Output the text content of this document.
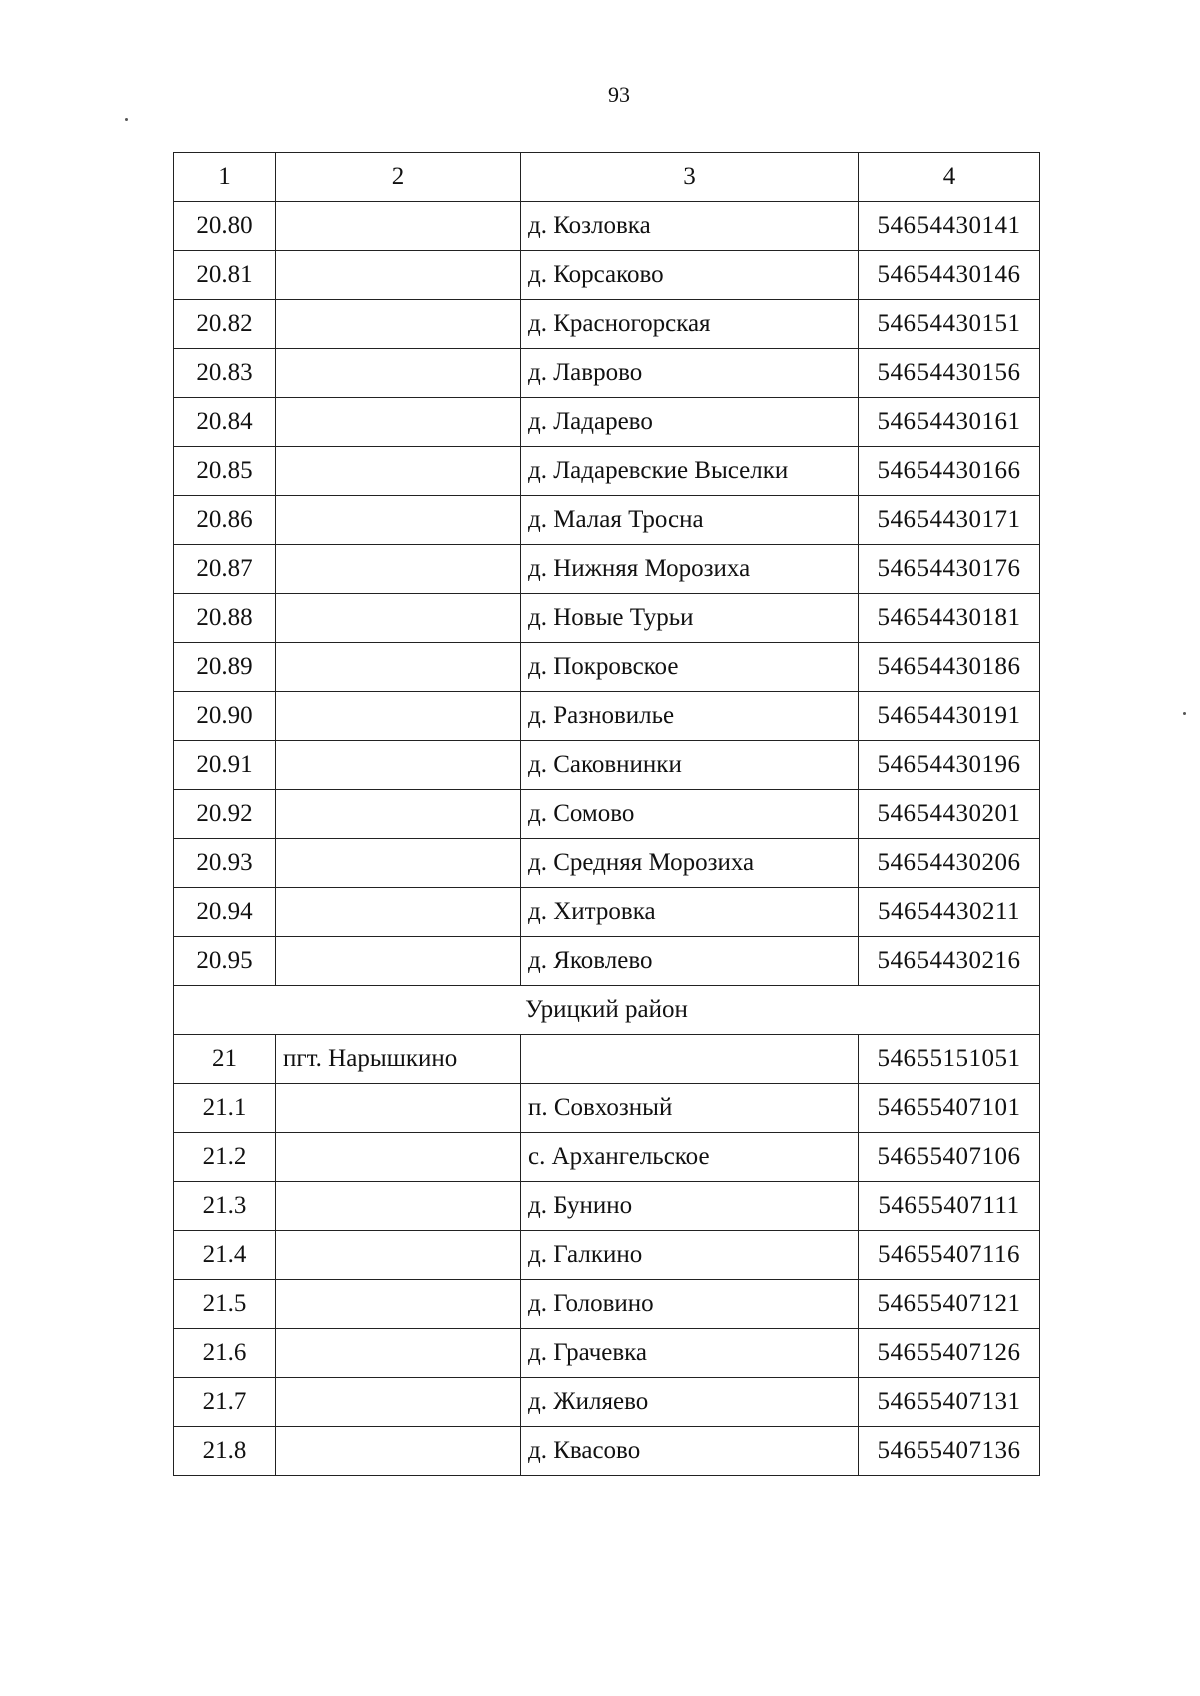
93
1	2	3	4
20.80		д. Козловка	54654430141
20.81		д. Корсаково	54654430146
20.82		д. Красногорская	54654430151
20.83		д. Лаврово	54654430156
20.84		д. Ладарево	54654430161
20.85		д. Ладаревские Выселки	54654430166
20.86		д. Малая Тросна	54654430171
20.87		д. Нижняя Морозиха	54654430176
20.88		д. Новые Турьи	54654430181
20.89		д. Покровское	54654430186
20.90		д. Разновилье	54654430191
20.91		д. Саковнинки	54654430196
20.92		д. Сомово	54654430201
20.93		д. Средняя Морозиха	54654430206
20.94		д. Хитровка	54654430211
20.95		д. Яковлево	54654430216
Урицкий район			
21	пгт. Нарышкино		54655151051
21.1		п. Совхозный	54655407101
21.2		с. Архангельское	54655407106
21.3		д. Бунино	54655407111
21.4		д. Галкино	54655407116
21.5		д. Головино	54655407121
21.6		д. Грачевка	54655407126
21.7		д. Жиляево	54655407131
21.8		д. Квасово	54655407136
